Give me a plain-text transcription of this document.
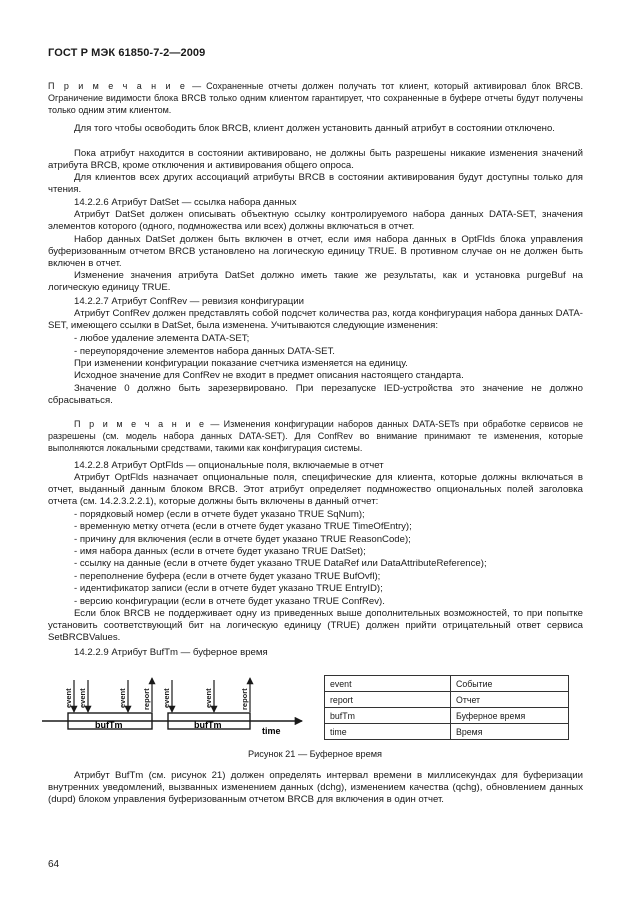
ГОСТ Р МЭК 61850-7-2—2009
П р и м е ч а н и е — Сохраненные отчеты должен получать тот клиент, который активировал блок BRCB. Ограничение видимости блока BRCB только одним клиентом гарантирует, что сохраненные в буфере отчеты будут получены только одним этим клиентом.
Для того чтобы освободить блок BRCB, клиент должен установить данный атрибут в состоянии отключено.
Пока атрибут находится в состоянии активировано, не должны быть разрешены никакие изменения значений атрибута BRCB, кроме отключения и активирования общего опроса.
Для клиентов всех других ассоциаций атрибуты BRCB в состоянии активирования будут доступны только для чтения.
14.2.2.6 Атрибут DatSet — ссылка набора данных
Атрибут DatSet должен описывать объектную ссылку контролируемого набора данных DATA-SET, значения элементов которого (одного, подмножества или всех) должны включаться в отчет.
Набор данных DatSet должен быть включен в отчет, если имя набора данных в OptFlds блока управления буферизованным отчетом BRCB установлено на логическую единицу TRUE. В противном случае он не должен быть включен в отчет.
Изменение значения атрибута DatSet должно иметь такие же результаты, как и установка purgeBuf на логическую единицу TRUE.
14.2.2.7 Атрибут ConfRev — ревизия конфигурации
Атрибут ConfRev должен представлять собой подсчет количества раз, когда конфигурация набора данных DATA-SET, имеющего ссылки в DatSet, была изменена. Учитываются следующие изменения:
- любое удаление элемента DATA-SET;
- переупорядочение элементов набора данных DATA-SET.
При изменении конфигурации показание счетчика изменяется на единицу.
Исходное значение для ConfRev не входит в предмет описания настоящего стандарта.
Значение 0 должно быть зарезервировано. При перезапуске IED-устройства это значение не должно сбрасываться.
П р и м е ч а н и е — Изменения конфигурации наборов данных DATA-SETs при обработке сервисов не разрешены (см. модель набора данных DATA-SET). Для ConfRev во внимание принимают те изменения, которые выполняются локальными средствами, такими как конфигурация системы.
14.2.2.8 Атрибут OptFlds — опциональные поля, включаемые в отчет
Атрибут OptFlds назначает опциональные поля, специфические для клиента, которые должны включаться в отчет, выданный данным блоком BRCB. Этот атрибут определяет подмножество опциональных полей заголовка отчета (см. 14.2.3.2.2.1), которые должны быть включены в данный отчет:
- порядковый номер (если в отчете будет указано TRUE SqNum);
- временную метку отчета (если в отчете будет указано TRUE TimeOfEntry);
- причину для включения (если в отчете будет указано TRUE ReasonCode);
- имя набора данных (если в отчете будет указано TRUE DatSet);
- ссылку на данные (если в отчете будет указано TRUE DataRef или DataAttributeReference);
- переполнение буфера (если в отчете будет указано TRUE BufOvfl);
- идентификатор записи (если в отчете будет указано TRUE EntryID);
- версию конфигурации (если в отчете будет указано TRUE ConfRev).
Если блок BRCB не поддерживает одну из приведенных выше дополнительных возможностей, то при попытке установить соответствующий бит на логическую единицу (TRUE) должен прийти отрицательный ответ сервиса SetBRCBValues.
14.2.2.9 Атрибут BufTm — буферное время
bufTm	bufTm
time
event event	event	event	event
report	report
event	Событие
report	Отчет
bufTm	Буферное время
time	Время
Рисунок 21 — Буферное время
Атрибут BufTm (см. рисунок 21) должен определять интервал времени в миллисекундах для буферизации внутренних уведомлений, вызванных изменением данных (dchg), изменением качества (qchg), обновлением данных (dupd) блоком управления буферизованным отчетом BRCB для включения в один отчет.
64
